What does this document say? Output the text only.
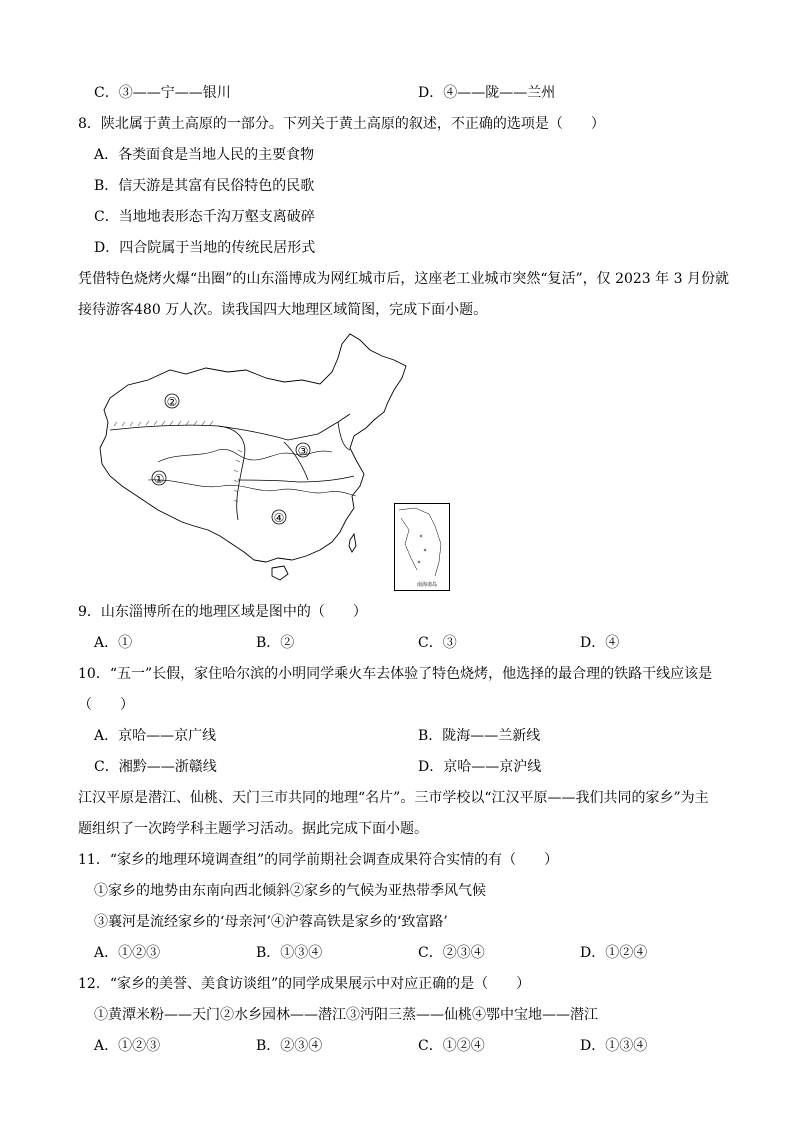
C．③——宁——银川	D．④——陇——兰州
8．陕北属于黄土高原的一部分。下列关于黄土高原的叙述，不正确的选项是（　　）
A．各类面食是当地人民的主要食物
B．信天游是其富有民俗特色的民歌
C．当地地表形态千沟万壑支离破碎
D．四合院属于当地的传统民居形式
凭借特色烧烤火爆“出圈”的山东淄博成为网红城市后，这座老工业城市突然“复活”，仅 2023 年 3 月份就
接待游客480 万人次。读我国四大地理区域简图，完成下面小题。
②
①
③
④
南海诸岛
9．山东淄博所在的地理区域是图中的（　　）
A．①	B．②	C．③	D．④
10．“五一”长假，家住哈尔滨的小明同学乘火车去体验了特色烧烤，他选择的最合理的铁路干线应该是
（　　）
A．京哈——京广线	B．陇海——兰新线
C．湘黔——浙赣线	D．京哈——京沪线
江汉平原是潜江、仙桃、天门三市共同的地理“名片”。三市学校以“江汉平原——我们共同的家乡”为主
题组织了一次跨学科主题学习活动。据此完成下面小题。
11．“家乡的地理环境调查组”的同学前期社会调查成果符合实情的有（　　）
①家乡的地势由东南向西北倾斜②家乡的气候为亚热带季风气候
③襄河是流经家乡的‘母亲河’④沪蓉高铁是家乡的‘致富路’
A．①②③	B．①③④	C．②③④	D．①②④
12．“家乡的美誉、美食访谈组”的同学成果展示中对应正确的是（　　）
①黄潭米粉——天门②水乡园林——潜江③沔阳三蒸——仙桃④鄂中宝地——潜江
A．①②③	B．②③④	C．①②④	D．①③④
